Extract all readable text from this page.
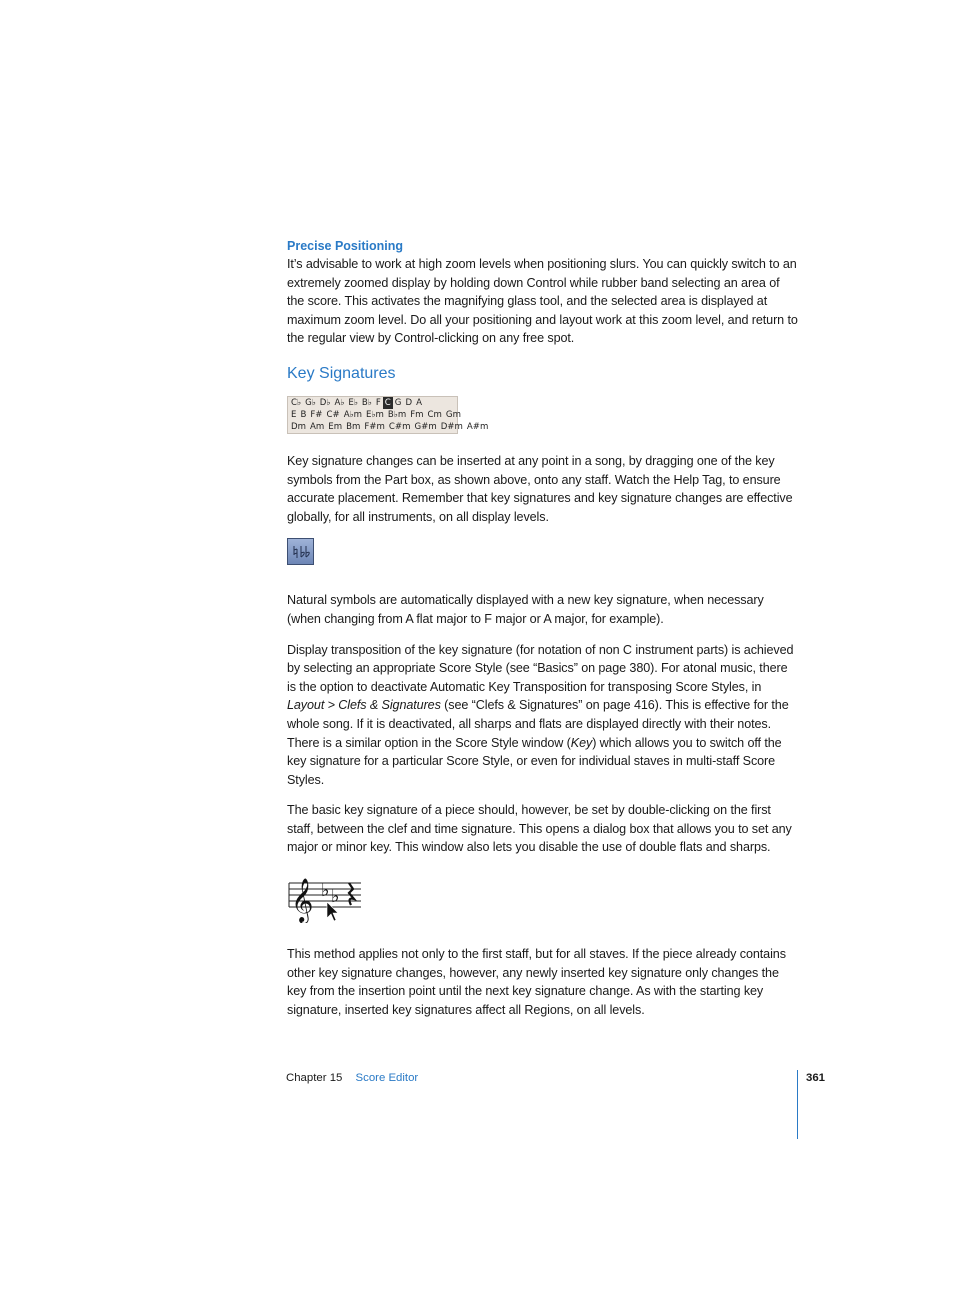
Precise Positioning

It’s advisable to work at high zoom levels when positioning slurs. You can quickly switch to an extremely zoomed display by holding down Control while rubber band selecting an area of the score. This activates the magnifying glass tool, and the selected area is displayed at maximum zoom level. Do all your positioning and layout work at this zoom level, and return to the regular view by Control-clicking on any free spot.

Key Signatures
C♭ G♭ D♭ A♭ E♭ B♭ F C G D A
E B F# C# A♭m E♭m B♭m Fm Cm Gm
Dm Am Em Bm F#m C#m G#m D#m A#m

Key signature changes can be inserted at any point in a song, by dragging one of the key symbols from the Part box, as shown above, onto any staff. Watch the Help Tag, to ensure accurate placement. Remember that key signatures and key signature changes are effective globally, for all instruments, on all display levels.

Natural symbols are automatically displayed with a new key signature, when necessary (when changing from A flat major to F major or A major, for example).

Display transposition of the key signature (for notation of non C instrument parts) is achieved by selecting an appropriate Score Style (see “Basics” on page 380). For atonal music, there is the option to deactivate Automatic Key Transposition for transposing Score Styles, in Layout > Clefs & Signatures (see “Clefs & Signatures” on page 416). This is effective for the whole song. If it is deactivated, all sharps and flats are displayed directly with their notes. There is a similar option in the Score Style window (Key) which allows you to switch off the key signature for a particular Score Style, or even for individual staves in multi-staff Score Styles.

The basic key signature of a piece should, however, be set by double-clicking on the first staff, between the clef and time signature. This opens a dialog box that allows you to set any major or minor key. This window also lets you disable the use of double flats and sharps.

𝄞 ♭ ♭

This method applies not only to the first staff, but for all staves. If the piece already contains other key signature changes, however, any newly inserted key signature only changes the key from the insertion point until the next key signature change. As with the starting key signature, inserted key signatures affect all Regions, on all levels.

Chapter 15 Score Editor	361
